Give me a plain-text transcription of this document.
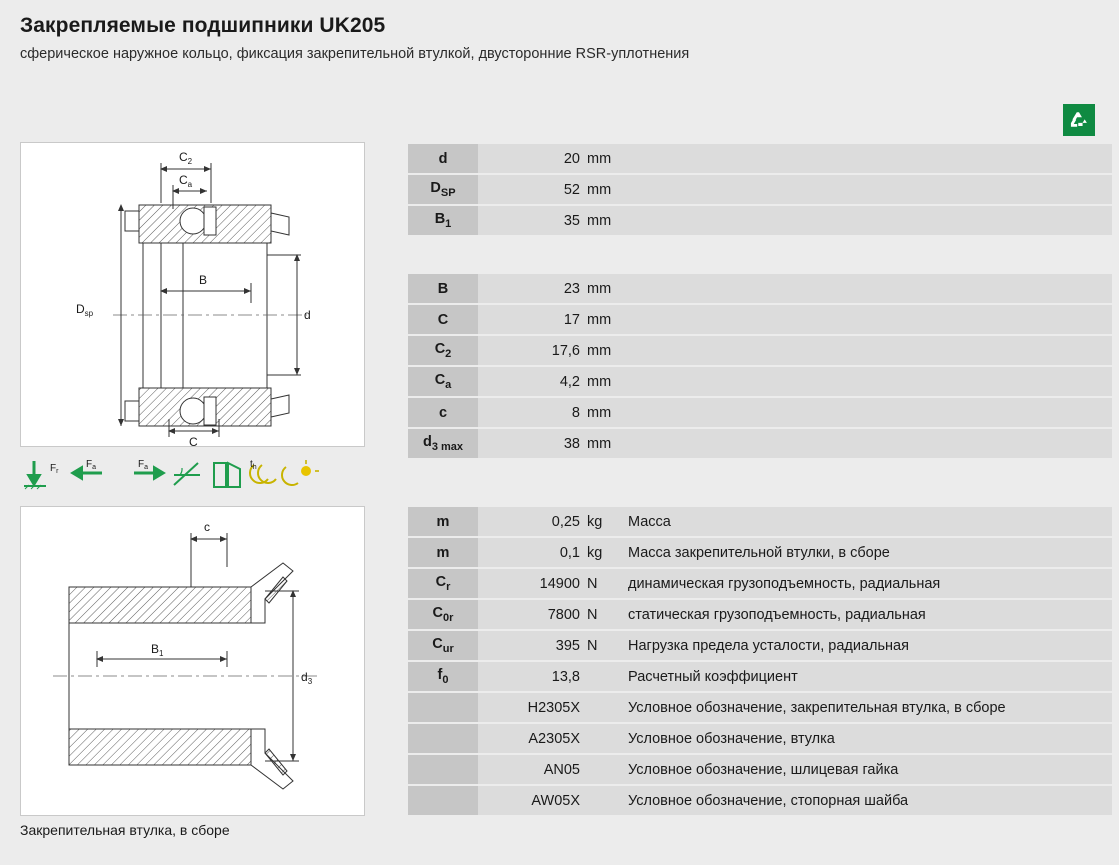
Закрепляемые подшипники UK205
сферическое наружное кольцо, фиксация закрепительной втулкой, двусторонние RSR-уплотнения
$C_2$
$C_a$
$D_{sp}$
B
d
C
$F_r$
$F_a$	$F_a$	$t_h$
c
$B_1$
$d_3$
Закрепительная втулка, в сборе
d	20 mm	
$D_{SP}$	52 mm	
$B_1$	35 mm	
B	23 mm	
C	17 mm	
$C_2$	17,6 mm	
$C_a$	4,2 mm	
c	8 mm	
$d_{3 max}$	38 mm	
m	0,25 kg	Масса
m	0,1 kg	Масса закрепительной втулки, в сборе
$C_r$	14900 N	динамическая грузоподъемность, радиальная
$C_{0r}$	7800 N	статическая грузоподъемность, радиальная
$C_{ur}$	395 N	Нагрузка предела усталости, радиальная
$f_0$	13,8	Расчетный коэффициент
	H2305X	Условное обозначение, закрепительная втулка, в сборе
	A2305X	Условное обозначение, втулка
	AN05	Условное обозначение, шлицевая гайка
	AW05X	Условное обозначение, стопорная шайба
